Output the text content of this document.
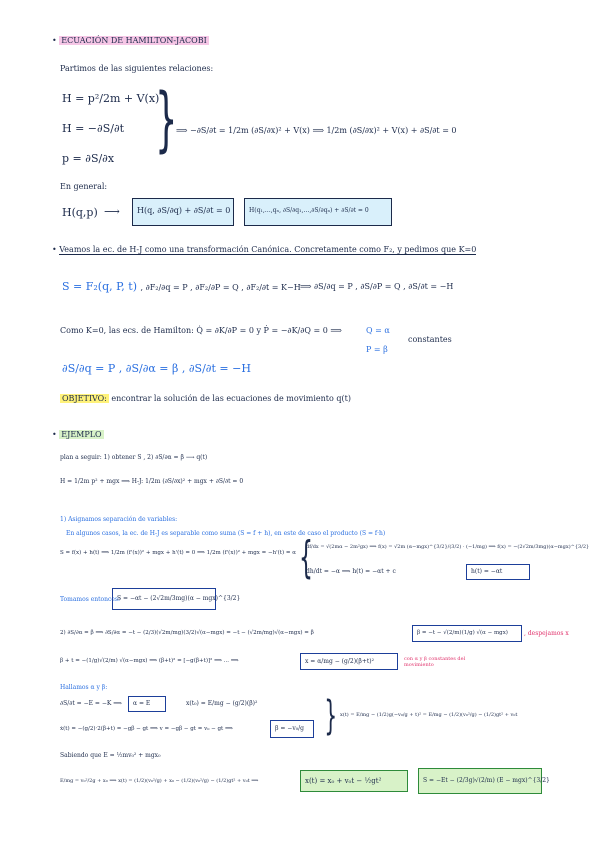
• ECUACIÓN DE HAMILTON-JACOBI
Partimos de las siguientes relaciones:
H = p²/2m + V(x)
H = −∂S/∂t
p = ∂S/∂x }
⟹ −∂S/∂t = 1/2m (∂S/∂x)² + V(x) ⟹ 1/2m (∂S/∂x)² + V(x) + ∂S/∂t = 0
En general:
H(q,p) ⟶ H(q, ∂S/∂q) + ∂S/∂t = 0	H(q₁,…,qₙ, ∂S/∂q₁,…,∂S/∂qₙ) + ∂S/∂t = 0
• Veamos la ec. de H-J como una transformación Canónica. Concretamente como F₂, y pedimos que K=0
S = F₂(q, P, t) , ∂F₂/∂q = P , ∂F₂/∂P = Q , ∂F₂/∂t = K−H ⟹ ∂S/∂q = P , ∂S/∂P = Q , ∂S/∂t = −H
Como K=0, las ecs. de Hamilton: Q̇ = ∂K/∂P = 0 y Ṗ = −∂K/∂Q = 0 ⟹	Q = α
P = β
constantes
∂S/∂q = P , ∂S/∂α = β , ∂S/∂t = −H
OBJETIVO: encontrar la solución de las ecuaciones de movimiento q(t)
• EJEMPLO
plan a seguir: 1) obtener S , 2) ∂S/∂α = β ⟶ q(t)
H = 1/2m p² + mgx ⟹ H-J: 1/2m (∂S/∂x)² + mgx + ∂S/∂t = 0
1) Asignamos separación de variables:
En algunos casos, la ec. de H-J es separable como suma (S = f + h), en este de caso el producto (S = f·h)
S = f(x) + h(t) ⟹ 1/2m (f'(x))² + mgx + h'(t) = 0 ⟹ 1/2m (f'(x))² + mgx = −h'(t) = α {
df/dx = √(2mα − 2m²gx) ⟹ f(x) = √2m (α−mgx)^{3/2}/(3/2) · (−1/mg) ⟹ f(x) = −(2√2m/3mg)(α−mgx)^{3/2}
dh/dt = −α ⟹ h(t) = −αt + c	h(t) = −αt
Tomamos entonces:
S = −αt − (2√2m/3mg)(α − mgx)^{3/2}
2) ∂S/∂α = β ⟹ ∂S/∂α = −t − (2/3)(√2m/mg)(3/2)√(α−mgx) = −t − (√2m/mg)√(α−mgx) = β	β = −t − √(2/m)(1/g) √(α − mgx)	, despejamos x
β + t = −(1/g)√(2/m) √(α−mgx) ⟹ (β+t)² = [−g(β+t)]² ⟹ ... ⟹	x = α/mg − (g/2)(β+t)²	con α y β constantes del movimiento
Hallamos α y β:
∂S/∂t = −E = −K ⟹ α = E	x(t₀) = E/mg − (g/2)(β)²
ẋ(t) = −(g/2)·2(β+t) = −gβ − gt ⟹ v = −gβ − gt = v₀ − gt ⟹	β = −v₀/g } x(t) = E/mg − (1/2)g(−v₀/g + t)² = E/mg − (1/2)(v₀²/g) − (1/2)gt² + v₀t
Sabiendo que E = ½mv₀² + mgx₀
E/mg = v₀²/2g + x₀ ⟹ x(t) = (1/2)(v₀²/g) + x₀ − (1/2)(v₀²/g) − (1/2)gt² + v₀t ⟹	x(t) = x₀ + v₀t − ½gt²	S = −Et − (2/3g)√(2/m) (E − mgx)^{3/2}
